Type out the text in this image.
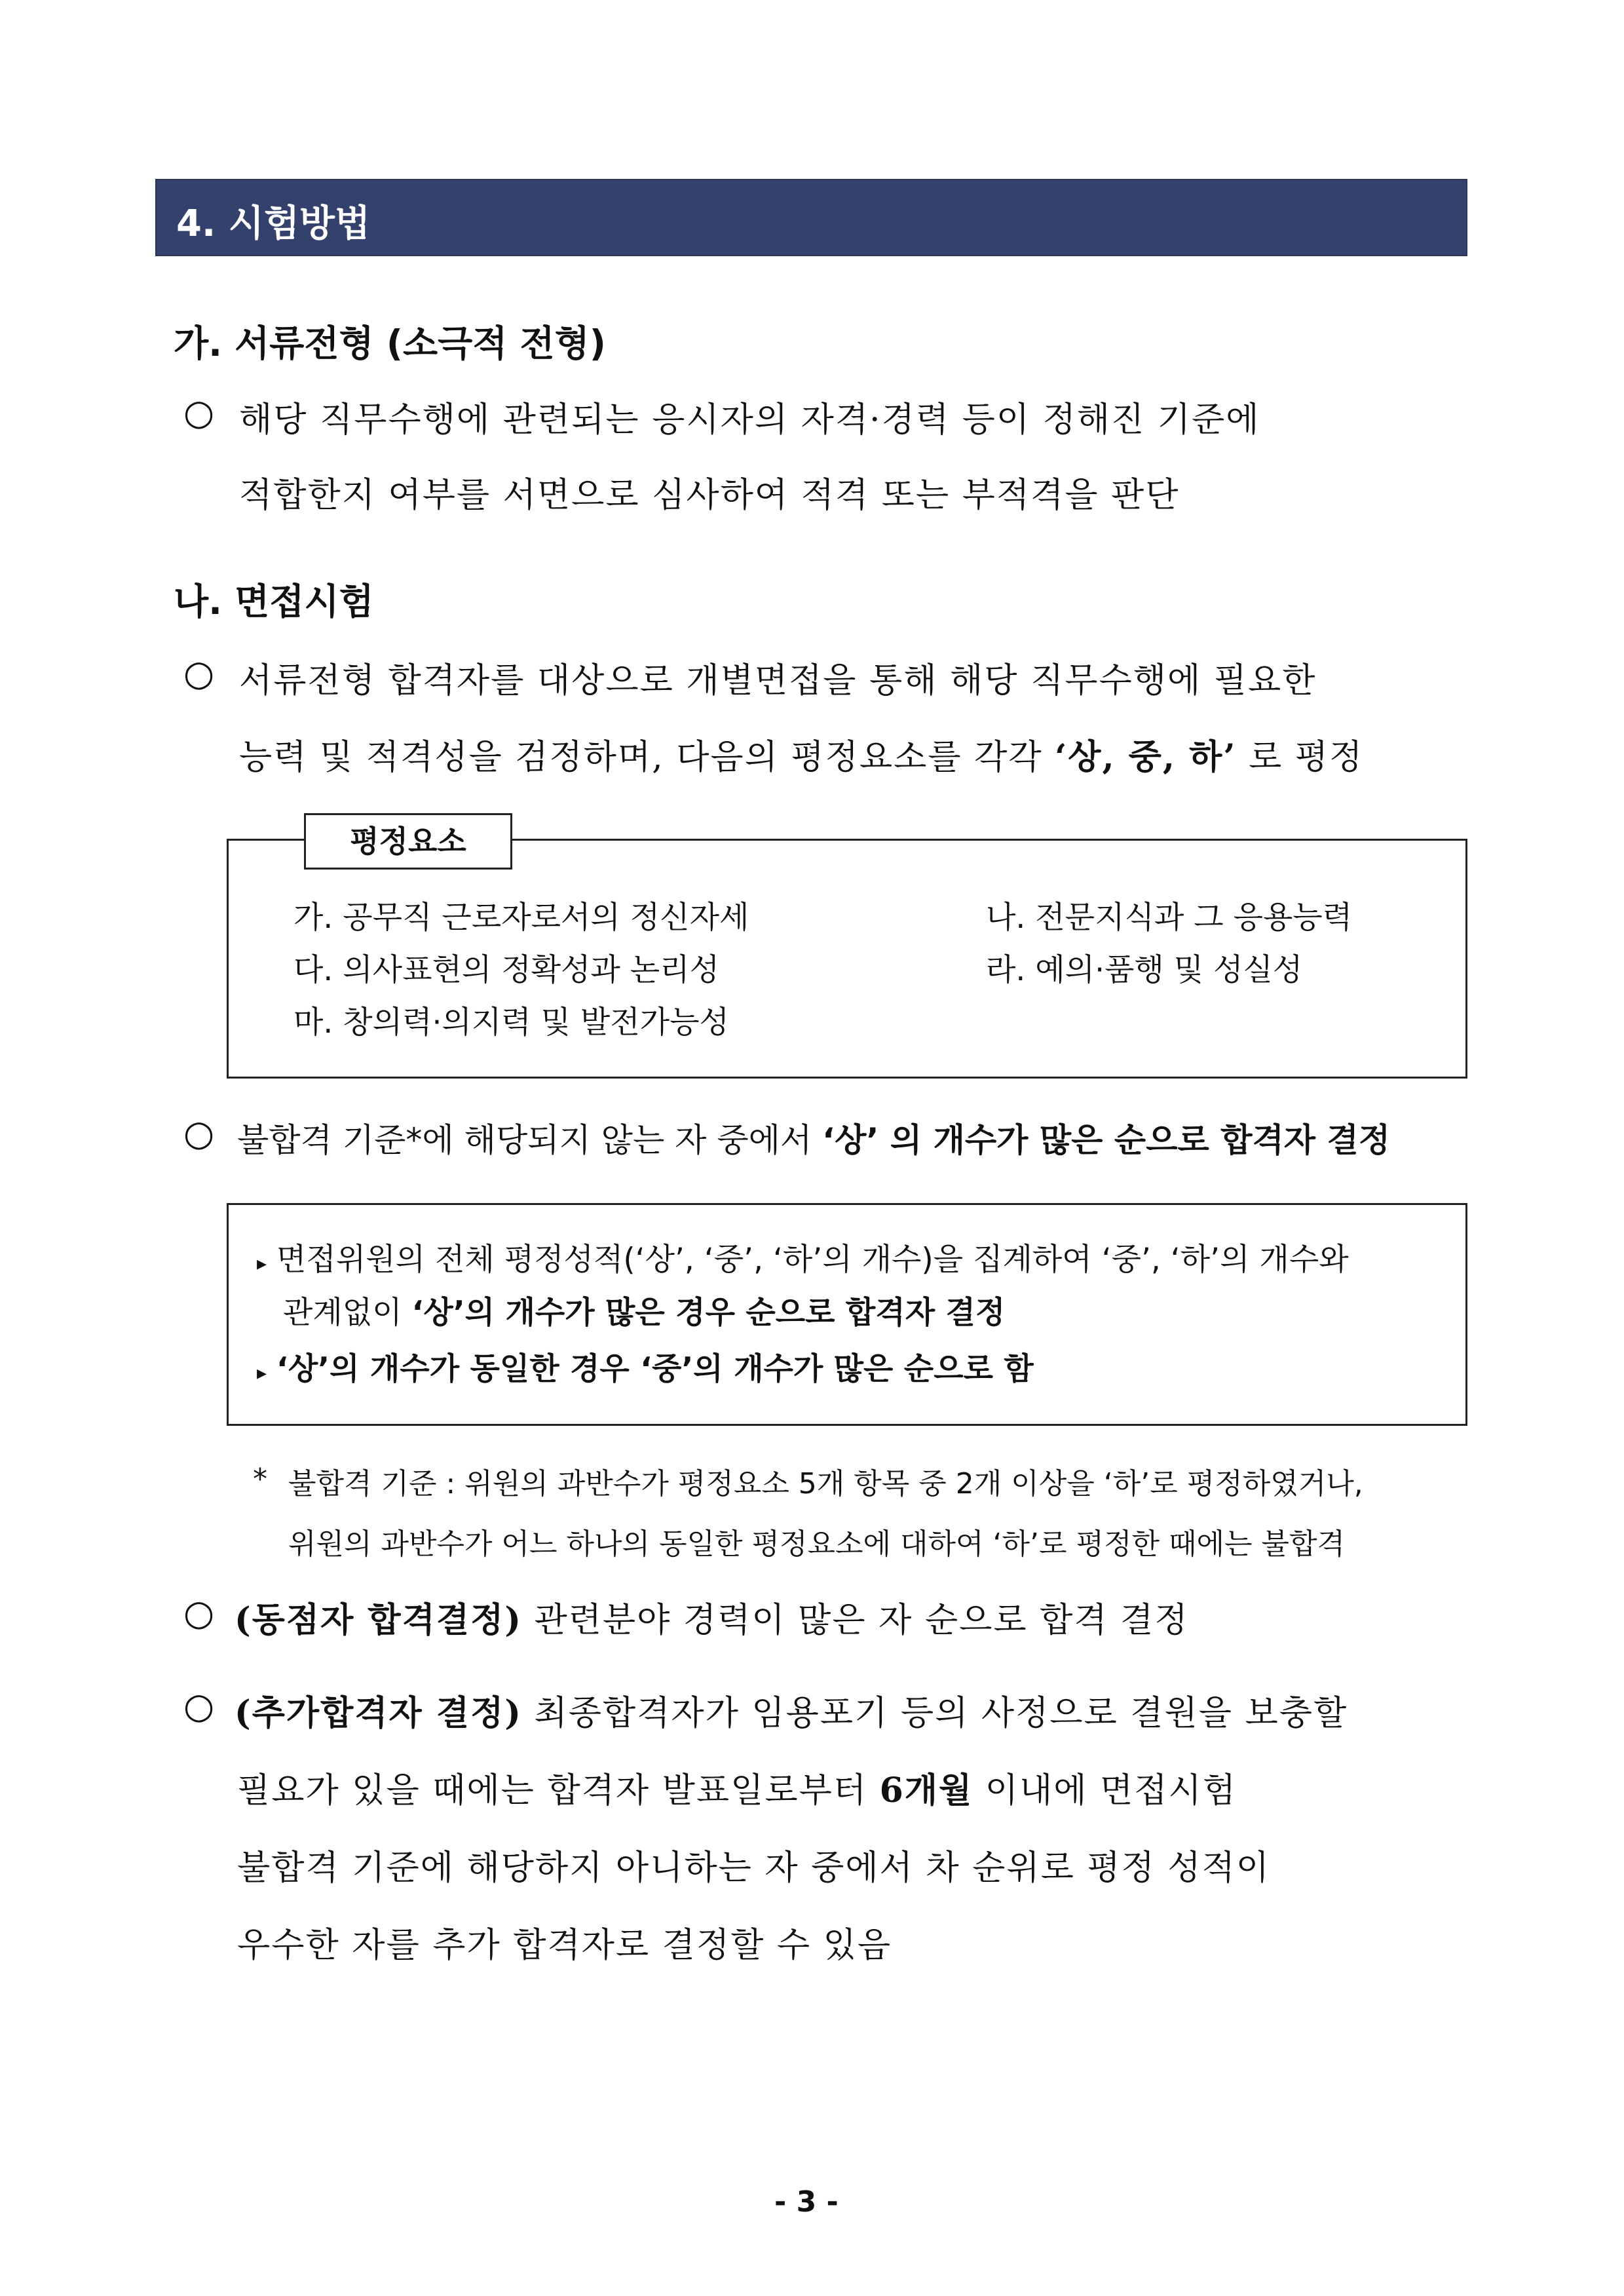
4. 시험방법
가. 서류전형 (소극적 전형)
○ 해당 직무수행에 관련되는 응시자의 자격·경력 등이 정해진 기준에
적합한지 여부를 서면으로 심사하여 적격 또는 부적격을 판단
나. 면접시험
○ 서류전형 합격자를 대상으로 개별면접을 통해 해당 직무수행에 필요한
능력 및 적격성을 검정하며, 다음의 평정요소를 각각 ‘상, 중, 하’ 로 평정
평정요소
가. 공무직 근로자로서의 정신자세	나. 전문지식과 그 응용능력
다. 의사표현의 정확성과 논리성	라. 예의·품행 및 성실성
마. 창의력·의지력 및 발전가능성
○ 불합격 기준*에 해당되지 않는 자 중에서 ‘상’ 의 개수가 많은 순으로 합격자 결정
▸ 면접위원의 전체 평정성적(‘상’, ‘중’, ‘하’의 개수)을 집계하여 ‘중’, ‘하’의 개수와
관계없이 ‘상’의 개수가 많은 경우 순으로 합격자 결정
▸ ‘상’의 개수가 동일한 경우 ‘중’의 개수가 많은 순으로 함
* 불합격 기준 : 위원의 과반수가 평정요소 5개 항목 중 2개 이상을 ‘하’로 평정하였거나,
위원의 과반수가 어느 하나의 동일한 평정요소에 대하여 ‘하’로 평정한 때에는 불합격
○ (동점자 합격결정) 관련분야 경력이 많은 자 순으로 합격 결정
○ (추가합격자 결정) 최종합격자가 임용포기 등의 사정으로 결원을 보충할
필요가 있을 때에는 합격자 발표일로부터 6개월 이내에 면접시험
불합격 기준에 해당하지 아니하는 자 중에서 차 순위로 평정 성적이
우수한 자를 추가 합격자로 결정할 수 있음
- 3 -
